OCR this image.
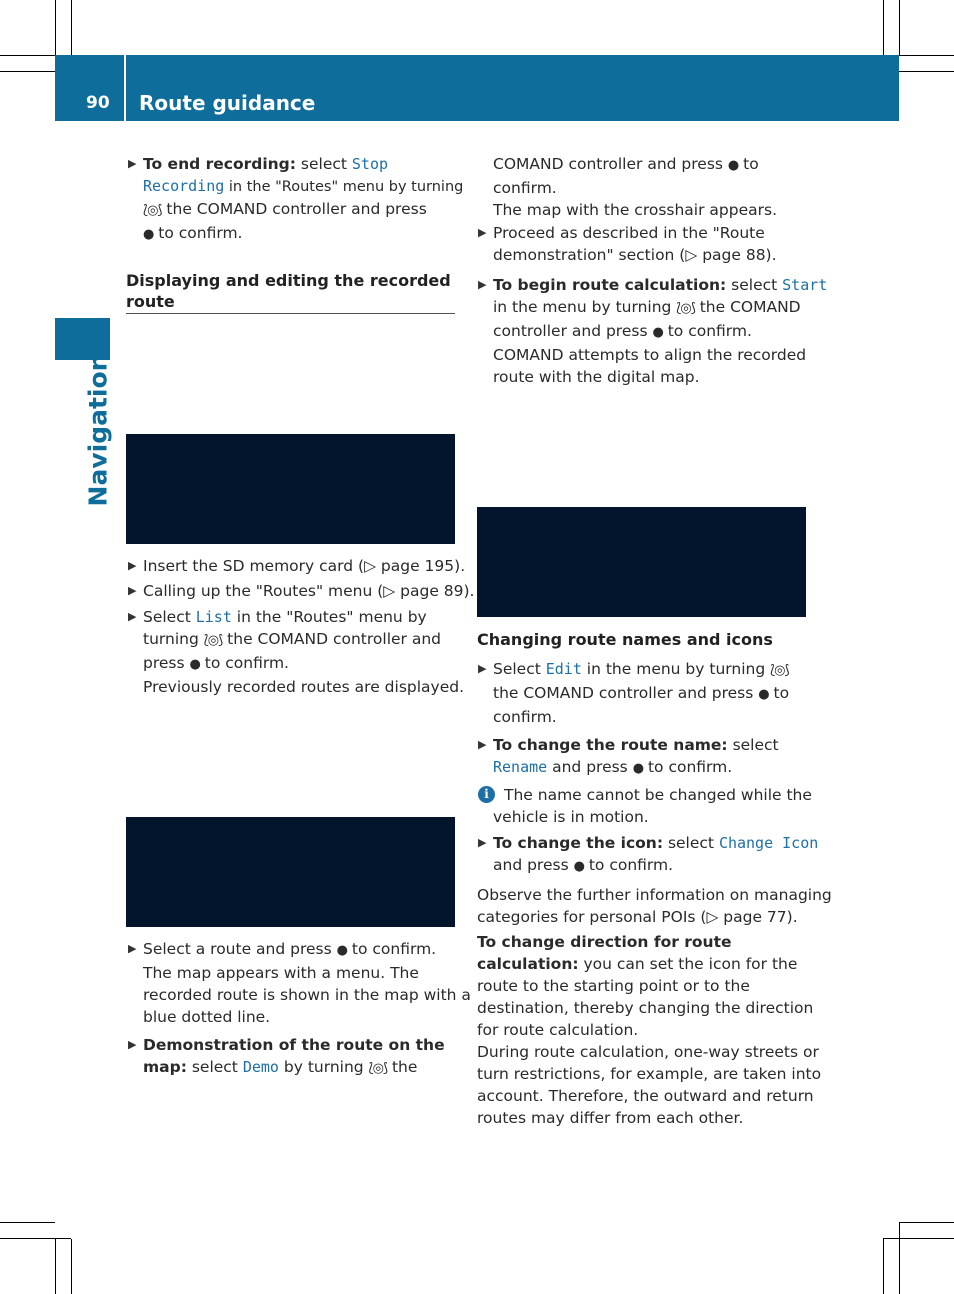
90 Route guidance
Navigation
▶ To end recording: select Stop
Recording in the "Routes" menu by turning
⟅◎⟆ the COMAND controller and press
● to confirm.
Displaying and editing the recorded
route
▶ Insert the SD memory card (▷ page 195).
▶ Calling up the "Routes" menu (▷ page 89).
▶ Select List in the "Routes" menu by
turning ⟅◎⟆ the COMAND controller and
press ● to confirm.
Previously recorded routes are displayed.
▶ Select a route and press ● to confirm.
The map appears with a menu. The
recorded route is shown in the map with a
blue dotted line.
▶ Demonstration of the route on the
map: select Demo by turning ⟅◎⟆ the
COMAND controller and press ● to
confirm.
The map with the crosshair appears.
▶ Proceed as described in the "Route
demonstration" section (▷ page 88).
▶ To begin route calculation: select Start
in the menu by turning ⟅◎⟆ the COMAND
controller and press ● to confirm.
COMAND attempts to align the recorded
route with the digital map.
Changing route names and icons
▶ Select Edit in the menu by turning ⟅◎⟆
the COMAND controller and press ● to
confirm.
▶ To change the route name: select
Rename and press ● to confirm.
i The name cannot be changed while the
vehicle is in motion.
▶ To change the icon: select Change Icon
and press ● to confirm.
Observe the further information on managing
categories for personal POIs (▷ page 77).
To change direction for route
calculation: you can set the icon for the
route to the starting point or to the
destination, thereby changing the direction
for route calculation.
During route calculation, one-way streets or
turn restrictions, for example, are taken into
account. Therefore, the outward and return
routes may differ from each other.
